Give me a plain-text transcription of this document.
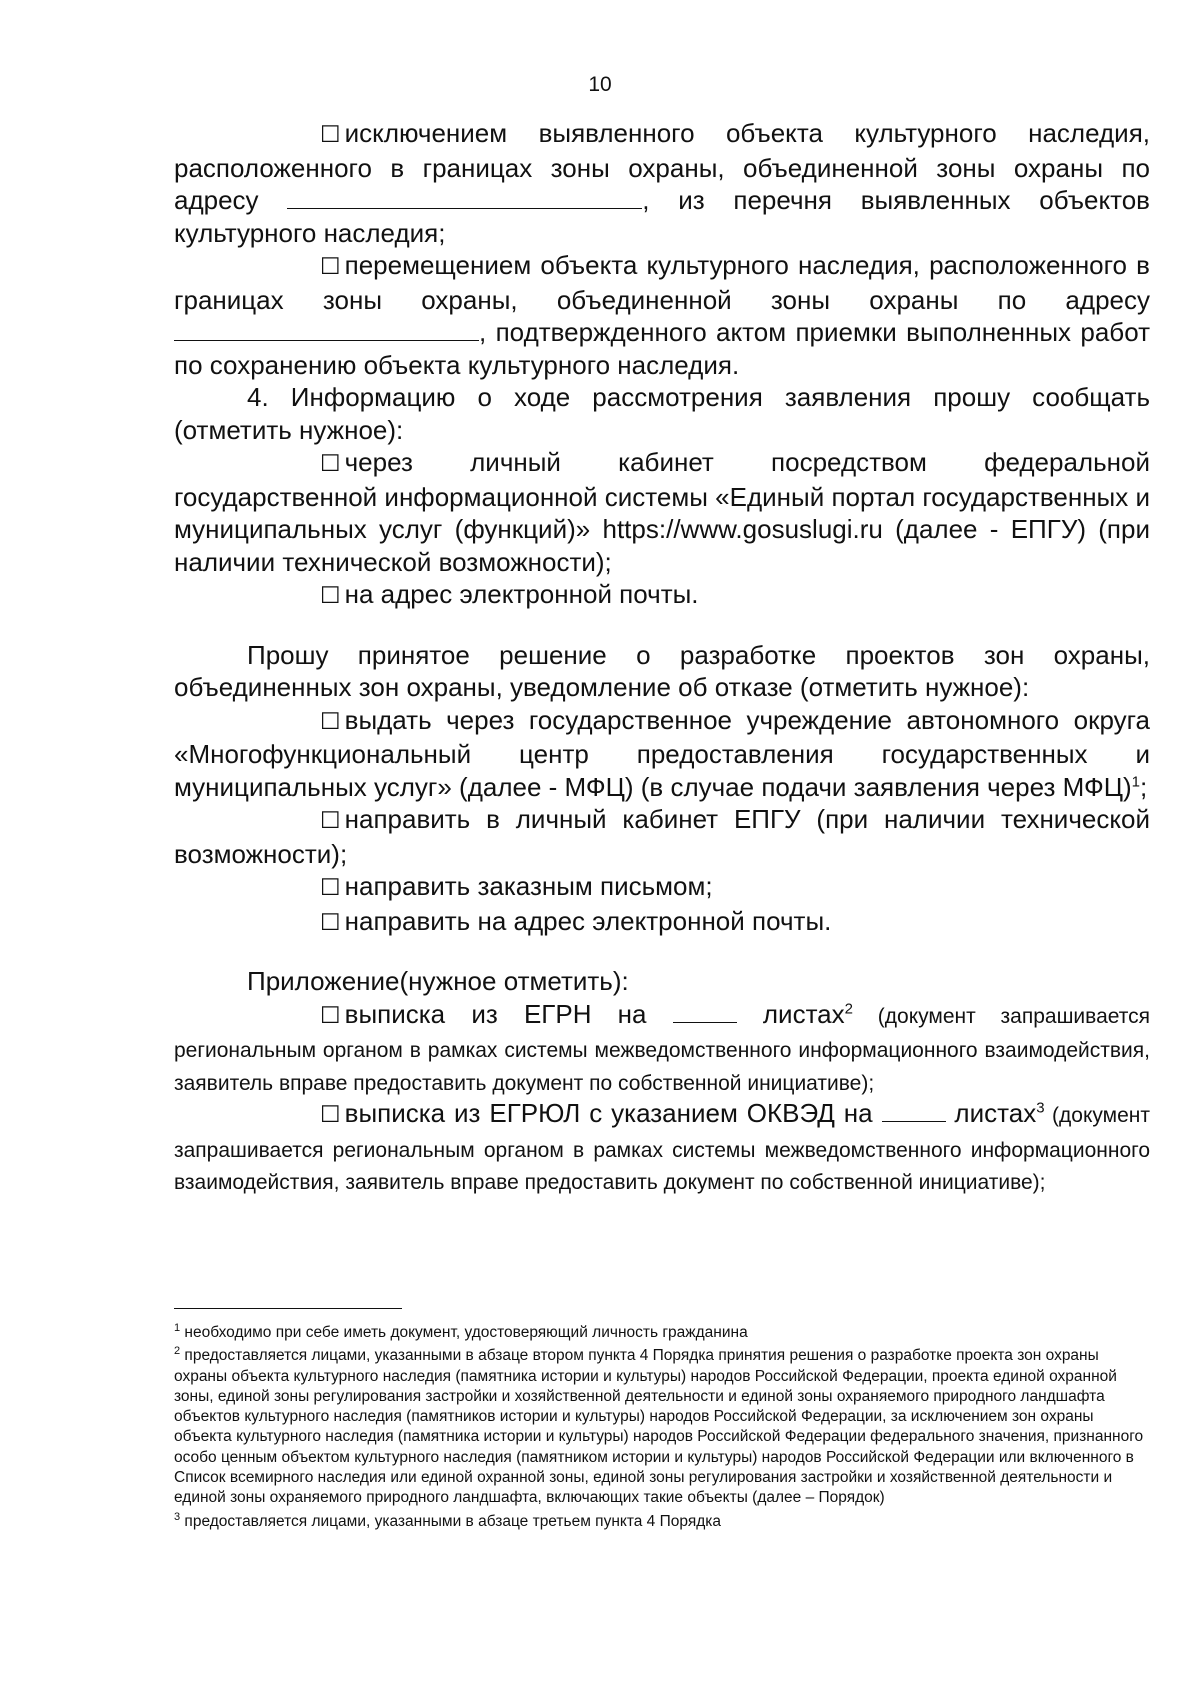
10

☐ исключением выявленного объекта культурного наследия, расположенного в границах зоны охраны, объединенной зоны охраны по адресу	, из перечня выявленных объектов культурного наследия;

☐ перемещением объекта культурного наследия, расположенного в границах зоны охраны, объединенной зоны охраны по адресу, подтвержденного актом приемки выполненных работ по сохранению объекта культурного наследия.

4. Информацию о ходе рассмотрения заявления прошу сообщать (отметить нужное):

☐ через личный кабинет посредством федеральной государственной информационной системы «Единый портал государственных и муниципальных услуг (функций)» https://www.gosuslugi.ru (далее - ЕПГУ) (при наличии технической возможности);

☐ на адрес электронной почты.

Прошу принятое решение о разработке проектов зон охраны, объединенных зон охраны, уведомление об отказе (отметить нужное):

☐ выдать через государственное учреждение автономного округа «Многофункциональный центр предоставления государственных и муниципальных услуг» (далее - МФЦ) (в случае подачи заявления через МФЦ)$^1$;

☐ направить в личный кабинет ЕПГУ (при наличии технической возможности);

☐ направить заказным письмом;

☐ направить на адрес электронной почты.

Приложение(нужное отметить):

☐ выписка из ЕГРН на  листах$^2$ (документ запрашивается региональным органом в рамках системы межведомственного информационного взаимодействия, заявитель вправе предоставить документ по собственной инициативе);

☐ выписка из ЕГРЮЛ с указанием ОКВЭД на  листах$^3$ (документ запрашивается региональным органом в рамках системы межведомственного информационного взаимодействия, заявитель вправе предоставить документ по собственной инициативе);

$^1$ необходимо при себе иметь документ, удостоверяющий личность гражданина

$^2$ предоставляется лицами, указанными в абзаце втором пункта 4 Порядка принятия решения о разработке проекта зон охраны охраны объекта культурного наследия (памятника истории и культуры) народов Российской Федерации, проекта единой охранной зоны, единой зоны регулирования застройки и хозяйственной деятельности и единой зоны охраняемого природного ландшафта объектов культурного наследия (памятников истории и культуры) народов Российской Федерации, за исключением зон охраны объекта культурного наследия (памятника истории и культуры) народов Российской Федерации федерального значения, признанного особо ценным объектом культурного наследия (памятником истории и культуры) народов Российской Федерации или включенного в Список всемирного наследия или единой охранной зоны, единой зоны регулирования застройки и хозяйственной деятельности и единой зоны охраняемого природного ландшафта, включающих такие объекты (далее – Порядок)

$^3$ предоставляется лицами, указанными в абзаце третьем пункта 4 Порядка
